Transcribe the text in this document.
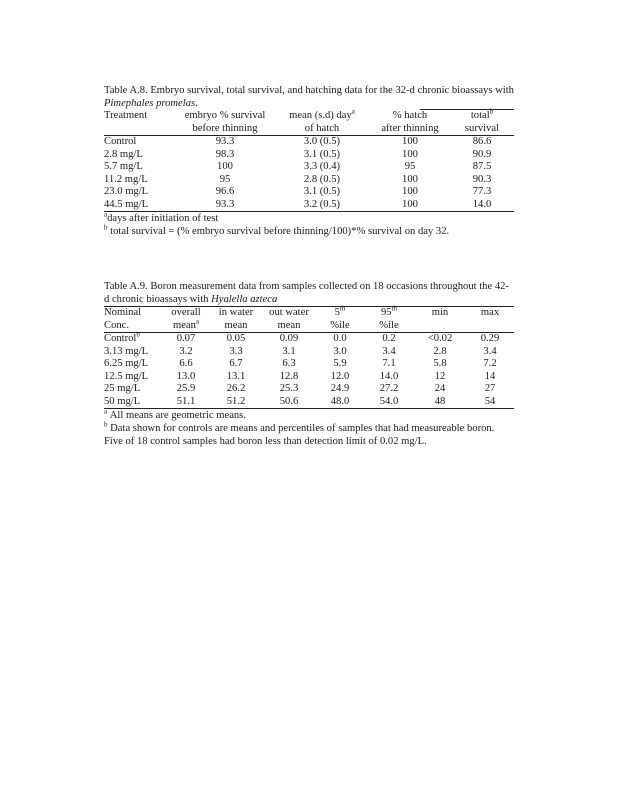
Table A.8. Embryo survival, total survival, and hatching data for the 32-d chronic bioassays with Pimephales promelas.

Treatment	embryo % survival	mean (s.d) day$^a$	% hatch	total$^b$
	before thinning	of hatch	after thinning	survival
Control	93.3	3.0 (0.5)	100	86.6
2.8 mg/L	98.3	3.1 (0.5)	100	90.9
5.7 mg/L	100	3.3 (0.4)	95	87.5
11.2 mg/L	95	2.8 (0.5)	100	90.3
23.0 mg/L	96.6	3.1 (0.5)	100	77.3
44.5 mg/L	93.3	3.2 (0.5)	100	14.0

$^a$days after initiation of test

$^b$ total survival = (% embryo survival before thinning/100)*% survival on day 32.

Table A.9. Boron measurement data from samples collected on 18 occasions throughout the 42-d chronic bioassays with Hyalella azteca

Nominal	overall	in water	out water	5th	95th	min	max
Conc.	mean$^a$	mean	mean	%ile	%ile		
Control$^b$	0.07	0.05	0.09	0.0	0.2	<0.02	0.29
3.13 mg/L	3.2	3.3	3.1	3.0	3.4	2.8	3.4
6.25 mg/L	6.6	6.7	6.3	5.9	7.1	5.8	7.2
12.5 mg/L	13.0	13.1	12.8	12.0	14.0	12	14
25 mg/L	25.9	26.2	25.3	24.9	27.2	24	27
50 mg/L	51.1	51.2	50.6	48.0	54.0	48	54

$^a$ All means are geometric means.

$^b$ Data shown for controls are means and percentiles of samples that had measureable boron. Five of 18 control samples had boron less than detection limit of 0.02 mg/L.
